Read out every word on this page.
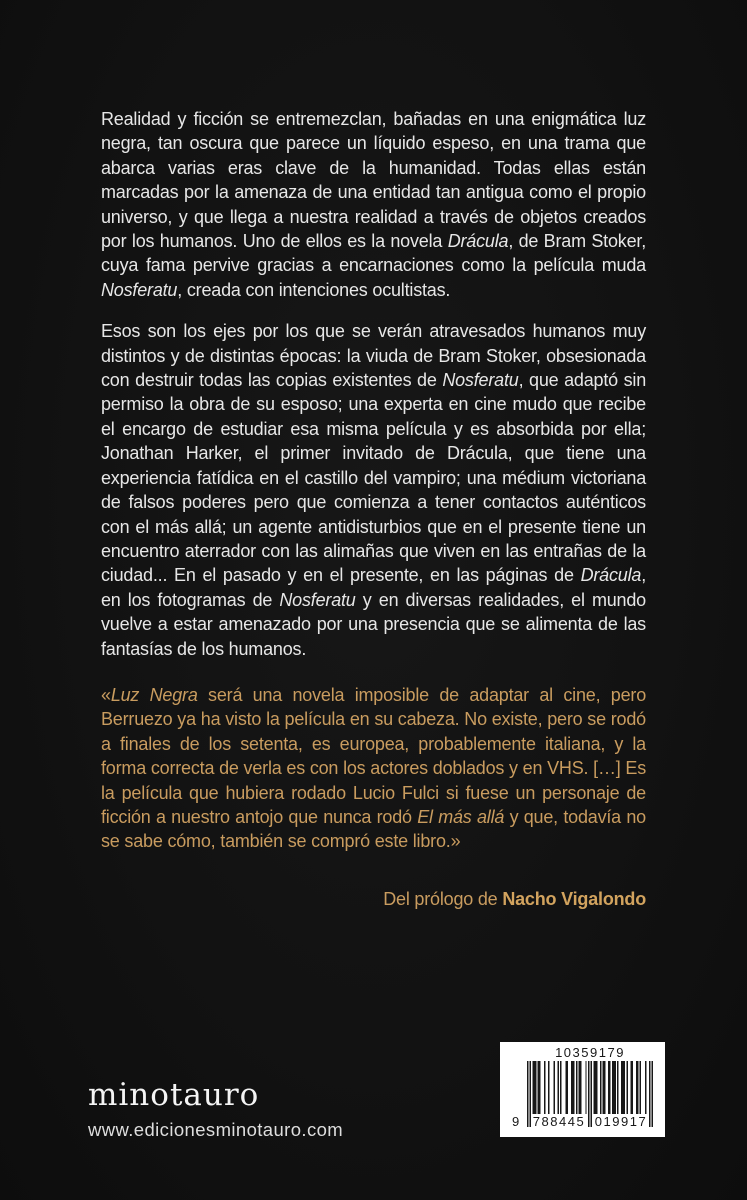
Realidad y ficción se entremezclan, bañadas en una enigmática luz negra, tan oscura que parece un líquido espeso, en una trama que abarca varias eras clave de la humanidad. Todas ellas están marcadas por la amenaza de una entidad tan antigua como el propio universo, y que llega a nuestra realidad a través de objetos creados por los humanos. Uno de ellos es la novela Drácula, de Bram Stoker, cuya fama pervive gracias a encarnaciones como la película muda Nosferatu, creada con intenciones ocultistas.

Esos son los ejes por los que se verán atravesados humanos muy distintos y de distintas épocas: la viuda de Bram Stoker, obsesionada con destruir todas las copias existentes de Nosferatu, que adaptó sin permiso la obra de su esposo; una experta en cine mudo que recibe el encargo de estudiar esa misma película y es absorbida por ella; Jonathan Harker, el primer invitado de Drácula, que tiene una experiencia fatídica en el castillo del vampiro; una médium victoriana de falsos poderes pero que comienza a tener contactos auténticos con el más allá; un agente antidisturbios que en el presente tiene un encuentro aterrador con las alimañas que viven en las entrañas de la ciudad... En el pasado y en el presente, en las páginas de Drácula, en los fotogramas de Nosferatu y en diversas realidades, el mundo vuelve a estar amenazado por una presencia que se alimenta de las fantasías de los humanos.

«Luz Negra será una novela imposible de adaptar al cine, pero Berruezo ya ha visto la película en su cabeza. No existe, pero se rodó a finales de los setenta, es europea, probablemente italiana, y la forma correcta de verla es con los actores doblados y en VHS. […] Es la película que hubiera rodado Lucio Fulci si fuese un personaje de ficción a nuestro antojo que nunca rodó El más allá y que, todavía no se sabe cómo, también se compró este libro.»

Del prólogo de Nacho Vigalondo

minotauro
www.edicionesminotauro.com
10359179
9 788445 019917
